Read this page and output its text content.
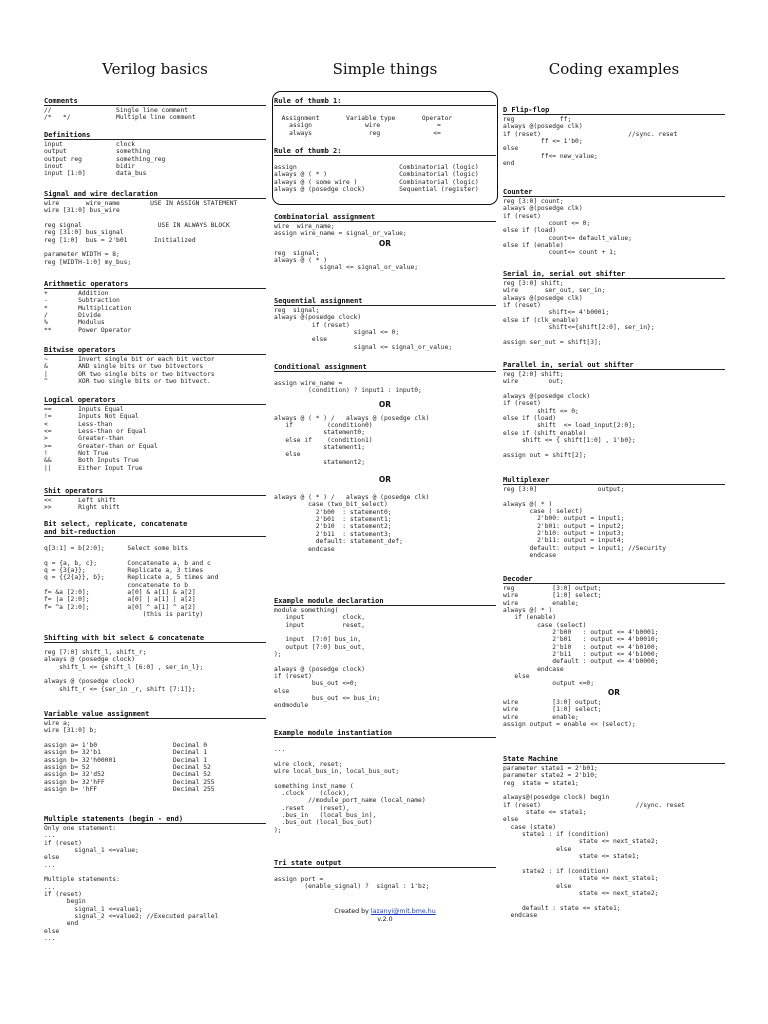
Verilog basics
Comments
//                 Single line comment
/*   */            Multiple line comment
Definitions
input              clock
output             something
output reg         something_reg
inout              bidir
input [1:0]        data_bus
Signal and wire declaration
wire       wire_name        USE IN ASSIGN STATEMENT
wire [31:0] bus_wire

reg signal                    USE IN ALWAYS BLOCK
reg [31:0] bus_signal
reg [1:0]  bus = 2'b01       Initialized

parameter WIDTH = 8;
reg [WIDTH-1:0] my_bus;
Arithmetic operators
+        Addition
-        Subtraction
*        Multiplication
/        Divide
%        Modulus
**       Power Operator
Bitwise operators
~        Invert single bit or each bit vector
&        AND single bits or two bitvectors
|        OR two single bits or two bitvectors
^        XOR two single bits or two bitvect.
Logical operators
==       Inputs Equal
!=       Inputs Not Equal
<        Less-than
<=       Less-than or Equal
>        Greater-than
>=       Greater-than or Equal
!        Not True
&&       Both Inputs True
||       Either Input True
Shit operators
<<       Left shift
>>       Right shift
Bit select, replicate, concatenate
and bit-reduction
q[3:1] = b[2:0];      Select some bits

q = {a, b, c};        Concatenate a, b and c
q = {3{a}};           Replicate a, 3 times
q = {{2{a}}, b};      Replicate a, 5 times and
concatenate to b
f= &a [2:0];          a[0] & a[1] & a[2]
f= |a [2:0];          a[0] | a[1] | a[2]
f= ^a [2:0];          a[0] ^ a[1] ^ a[2]
(this is parity)
Shifting with bit select & concatenate
reg [7:0] shift_l, shift_r;
always @ (posedge clock)
shift_l <= {shift_l [6:0] , ser_in_l};

always @ (posedge clock)
shift_r <= {ser_in _r, shift [7:1]};
Variable value assignment
wire a;
wire [31:0] b;

assign a= 1'b0                    Decimal 0
assign b= 32'b1                   Decimal 1
assign b= 32'h00001               Decimal 1
assign b= 52                      Decimal 52
assign b= 32'd52                  Decimal 52
assign b= 32'hFF                  Decimal 255
assign b= 'hFF                    Decimal 255
Multiple statements (begin - end)
Only one statement:
...
if (reset)
signal_1 <=value;
else
...

Multiple statements:
...
if (reset)
begin
signal_1 <=value1;
signal_2 <=value2; //Executed parallel
end
else
...
Simple things
Rule of thumb 1:
Assignment       Variable type       Operator
assign              wire               =
always               reg              <=
Rule of thumb 2:
assign                           Combinatorial (logic)
always @ ( * )                   Combinatorial (logic)
always @ ( some wire )           Combinatorial (logic)
always @ (posedge clock)         Sequential (register)
Combinatorial assignment
wire  wire_name;
assign wire_name = signal_or_value;
OR
reg  signal;
always @ ( * )
signal <= signal_or_value;
Sequential assignment
reg  signal;
always @(posedge clock)
if (reset)
signal <= 0;
else
signal <= signal_or_value;
Conditional assignment
assign wire_name =
(condition) ? input1 : input0;
OR
always @ ( * ) /   always @ (posedge clk)
if         (condition0)
statement0;
else if    (condition1)
statement1;
else
statement2;
OR
always @ ( * ) /   always @ (posedge clk)
case (two_bit_select)
2'b00  : statement0;
2'b01  : statement1;
2'b10  : statement2;
2'b11  : statement3;
default: statement_def;
endcase
Example module declaration
module something(
input          clock,
input          reset,

input  [7:0] bus_in,
output [7:0] bus_out,
);

always @ (posedge clock)
if (reset)
bus_out <=0;
else
bus_out <= bus_in;
endmodule
Example module instantiation
...

wire clock, reset;
wire local_bus_in, local_bus_out;

something inst_name (
.clock    (clock),
//module_port_name (local_name)
.reset    (reset),
.bus_in   (local_bus_in),
.bus_out (local_bus_out)
);
Tri state output
assign port =
(enable_signal) ?  signal : 1'bz;
Created by lazanyi@mit.bme.hu
v.2.0
Coding examples
D Flip-flop
reg            ff;
always @(posedge clk)
if (reset)                       //sync. reset
ff <= 1'b0;
else
ff<= new_value;
end
Counter
reg [3:0] count;
always @(posedge clk)
if (reset)
count <= 0;
else if (load)
count<= default_value;
else if (enable)
count<= count + 1;
Serial in, serial out shifter
reg [3:0] shift;
wire       ser_out, ser_in;
always @(posedge clk)
if (reset)
shift<= 4'b0001;
else if (clk_enable)
shift<={shift[2:0], ser_in};

assign ser_out = shift[3];
Parallel in, serial out shifter
reg [2:0] shift;
wire        out;

always @(posedge clock)
if (reset)
shift <= 0;
else if (load)
shift  <= load_input[2:0];
else if (shift_enable)
shift <= { shift[1:0] , 1'b0};

assign out = shift[2];
Multiplexer
reg [3:0]                output;

always @( * )
case ( select)
2'b00: output = input1;
2'b01: output = input2;
2'b10: output = input3;
2'b11: output = input4;
default: output = input1; //Security
endcase
Decoder
reg          [3:0] output;
wire         [1:0] select;
wire         enable;
always @( * )
if (enable)
case (select)
2'b00   : output <= 4'b0001;
2'b01   : output <= 4'b0010;
2'b10   : output <= 4'b0100;
2'b11   : output <= 4'b1000;
default : output <= 4'b0000;
endcase
else
output <=0;
OR
wire         [3:0] output;
wire         [1:0] select;
wire         enable;
assign output = enable << (select);
State Machine
parameter state1 = 2'b01;
parameter state2 = 2'b10;
reg  state = state1;

always@(posedge clock) begin
if (reset)                         //sync. reset
state <= state1;
else
case (state)
state1 : if (condition)
state <= next_state2;
else
state <= state1;

state2 : if (condition)
state <= next_state1;
else
state <= next_state2;

default : state <= state1;
endcase
